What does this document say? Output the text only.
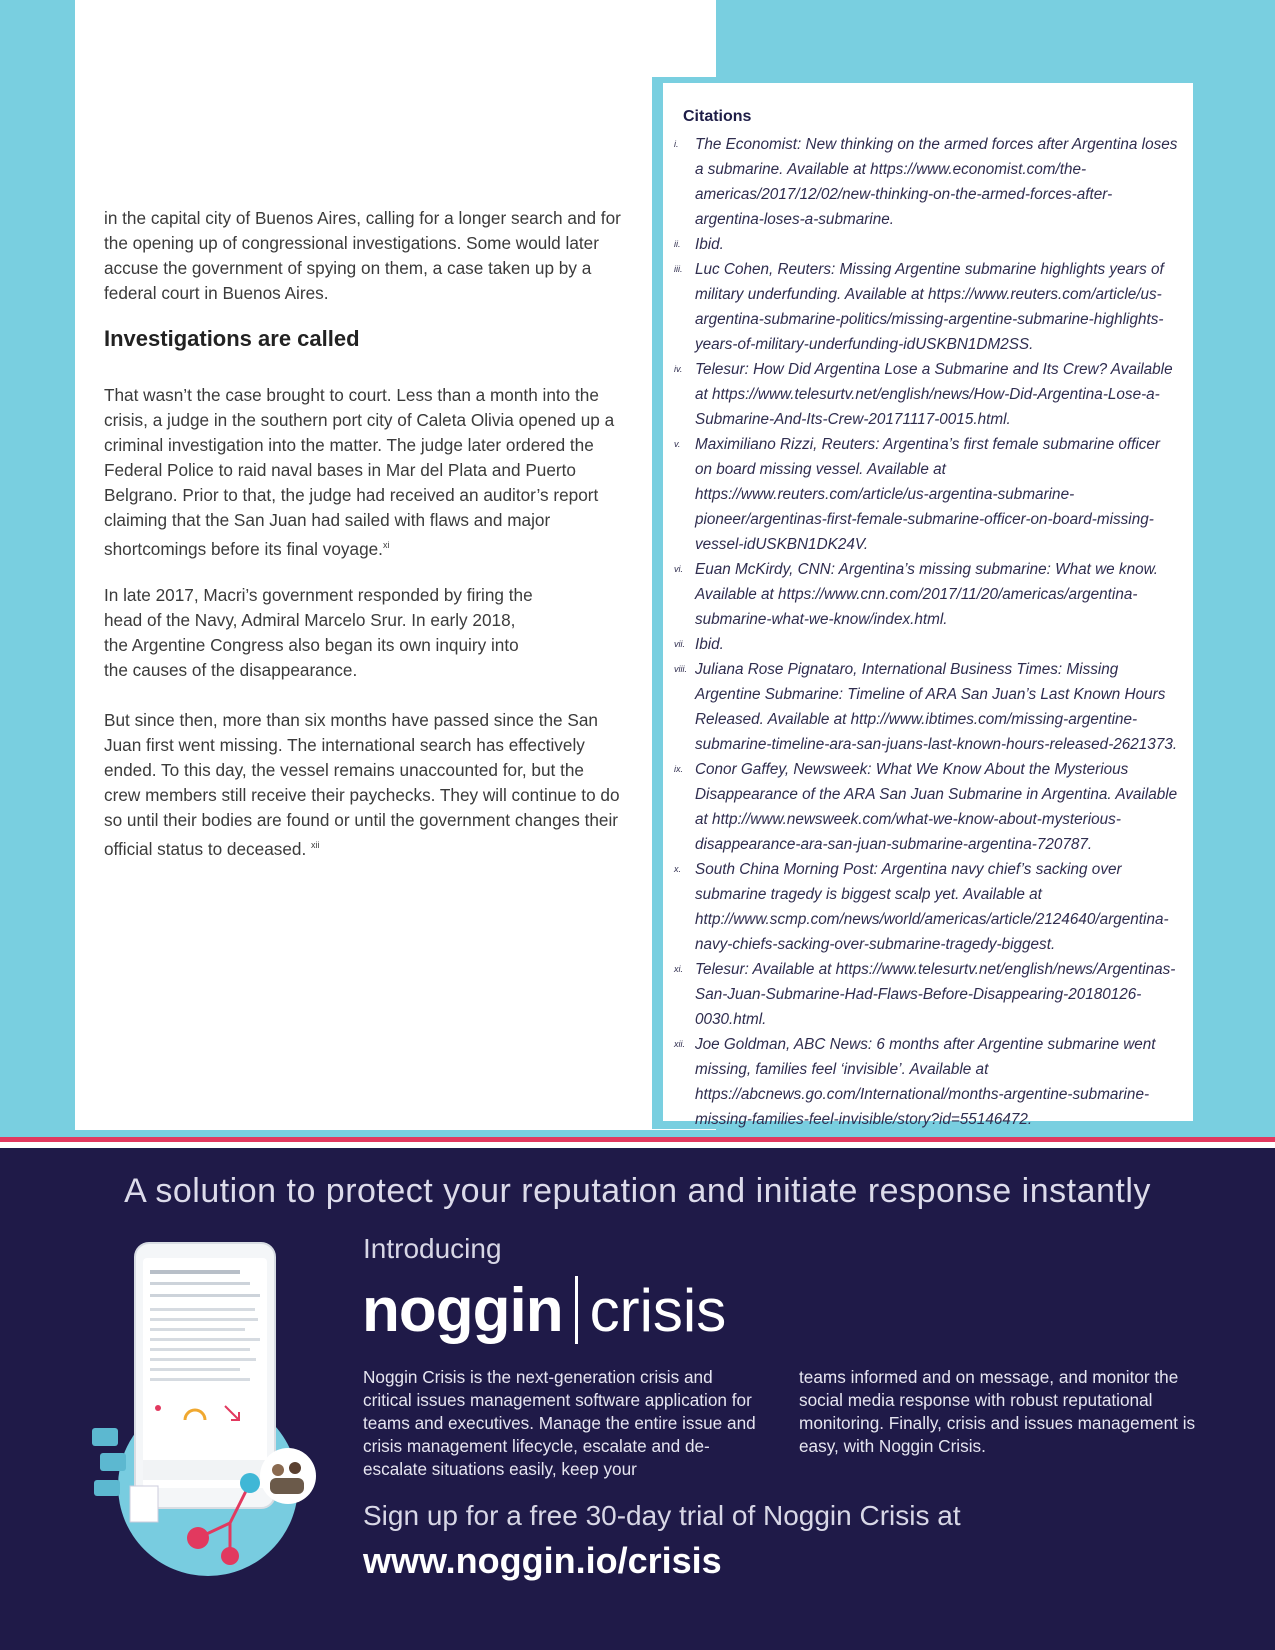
in the capital city of Buenos Aires, calling for a longer search and for the opening up of congressional investigations. Some would later accuse the government of spying on them, a case taken up by a federal court in Buenos Aires.

Investigations are called

That wasn’t the case brought to court. Less than a month into the crisis, a judge in the southern port city of Caleta Olivia opened up a criminal investigation into the matter. The judge later ordered the Federal Police to raid naval bases in Mar del Plata and Puerto Belgrano. Prior to that, the judge had received an auditor’s report claiming that the San Juan had sailed with flaws and major shortcomings before its final voyage.$^{xi}$

In late 2017, Macri’s government responded by firing the head of the Navy, Admiral Marcelo Srur. In early 2018, the Argentine Congress also began its own inquiry into the causes of the disappearance.

But since then, more than six months have passed since the San Juan first went missing. The international search has effectively ended. To this day, the vessel remains unaccounted for, but the crew members still receive their paychecks. They will continue to do so until their bodies are found or until the government changes their official status to deceased. $^{xii}$

Citations
i.	The Economist: New thinking on the armed forces after Argentina loses a submarine. Available at https://www.economist.com/the-americas/2017/12/02/new-thinking-on-the-armed-forces-after-argentina-loses-a-submarine.
ii. Ibid.
iii. Luc Cohen, Reuters: Missing Argentine submarine highlights years of military underfunding. Available at https://www.reuters.com/article/us-argentina-submarine-politics/missing-argentine-submarine-highlights-years-of-military-underfunding-idUSKBN1DM2SS.
iv. Telesur: How Did Argentina Lose a Submarine and Its Crew? Available at https://www.telesurtv.net/english/news/How-Did-Argentina-Lose-a-Submarine-And-Its-Crew-20171117-0015.html.
v. Maximiliano Rizzi, Reuters: Argentina’s first female submarine officer on board missing vessel. Available at https://www.reuters.com/article/us-argentina-submarine-pioneer/argentinas-first-female-submarine-officer-on-board-missing-vessel-idUSKBN1DK24V.
vi. Euan McKirdy, CNN: Argentina’s missing submarine: What we know. Available at https://www.cnn.com/2017/11/20/americas/argentina-submarine-what-we-know/index.html.
vii. Ibid.
viii. Juliana Rose Pignataro, International Business Times: Missing Argentine Submarine: Timeline of ARA San Juan’s Last Known Hours Released. Available at http://www.ibtimes.com/missing-argentine-submarine-timeline-ara-san-juans-last-known-hours-released-2621373.
ix. Conor Gaffey, Newsweek: What We Know About the Mysterious Disappearance of the ARA San Juan Submarine in Argentina. Available at http://www.newsweek.com/what-we-know-about-mysterious-disappearance-ara-san-juan-submarine-argentina-720787.
x. South China Morning Post: Argentina navy chief’s sacking over submarine tragedy is biggest scalp yet. Available at http://www.scmp.com/news/world/americas/article/2124640/argentina-navy-chiefs-sacking-over-submarine-tragedy-biggest.
xi. Telesur: Available at https://www.telesurtv.net/english/news/Argentinas-San-Juan-Submarine-Had-Flaws-Before-Disappearing-20180126-0030.html.
xii. Joe Goldman, ABC News: 6 months after Argentine submarine went missing, families feel ‘invisible’. Available at https://abcnews.go.com/International/months-argentine-submarine-missing-families-feel-invisible/story?id=55146472.
A solution to protect your reputation and initiate response instantly
Introducing
noggin crisis

Noggin Crisis is the next-generation crisis and critical issues management software application for teams and executives. Manage the entire issue and crisis management lifecycle, escalate and de-escalate situations easily, keep your

teams informed and on message, and monitor the social media response with robust reputational monitoring. Finally, crisis and issues management is easy, with Noggin Crisis.

Sign up for a free 30-day trial of Noggin Crisis at
www.noggin.io/crisis
